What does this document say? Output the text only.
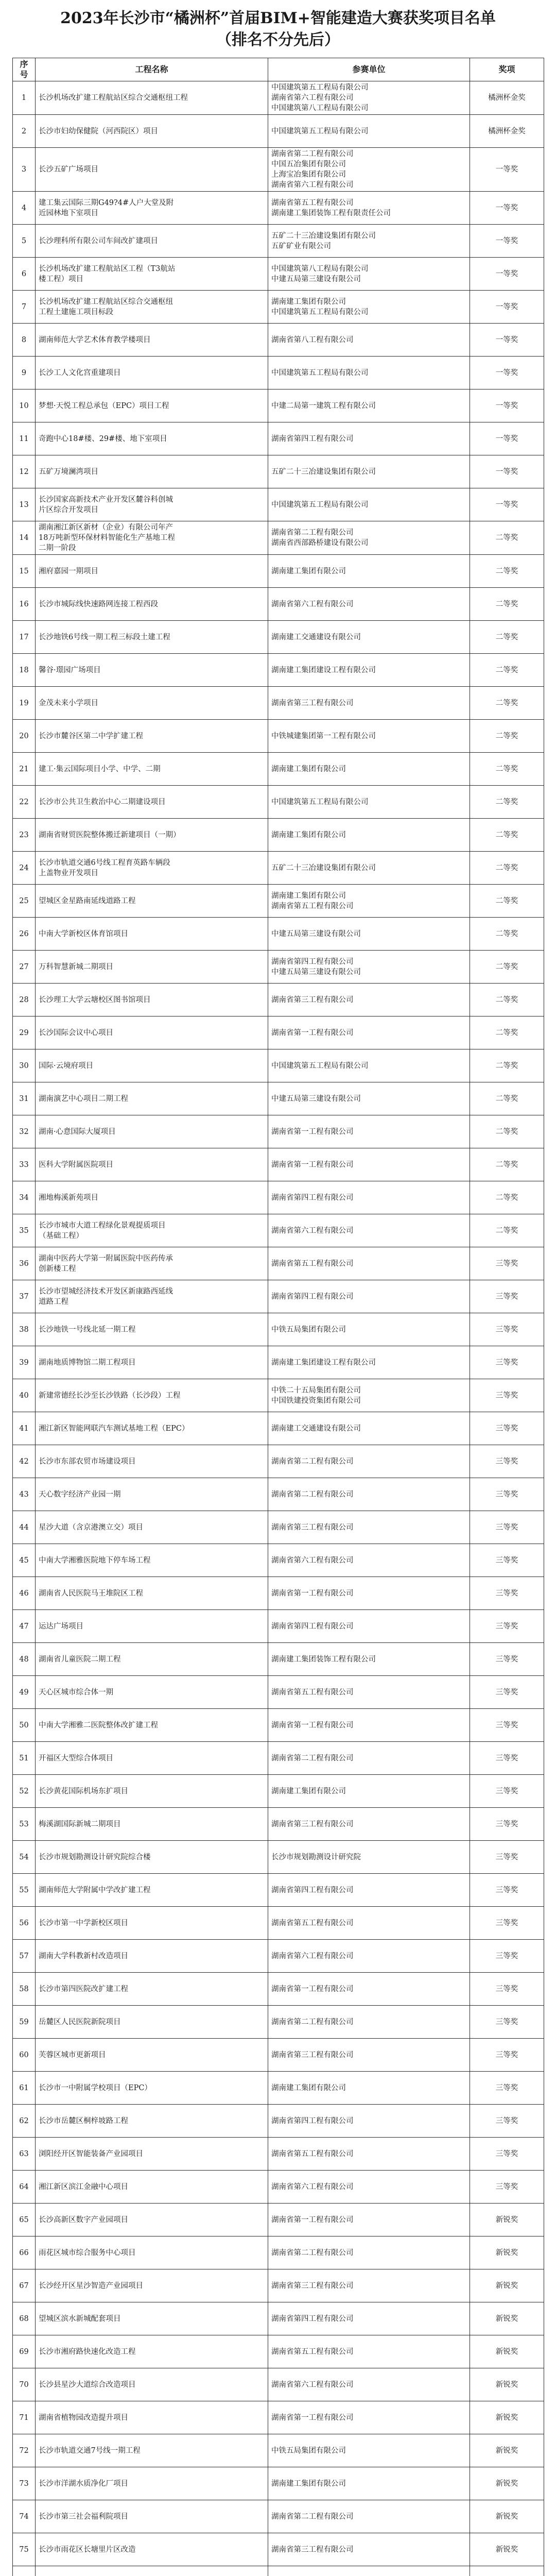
2023年长沙市“橘洲杯”首届BIM+智能建造大赛获奖项目名单
（排名不分先后）
序号	工程名称	参赛单位	奖项
1	长沙机场改扩建工程航站区综合交通枢纽工程	中国建筑第五工程局有限公司
湖南省第六工程有限公司
中国建筑第八工程局有限公司	橘洲杯金奖
2	长沙市妇幼保健院（河西院区）项目	中国建筑第五工程局有限公司	橘洲杯金奖
3	长沙五矿广场项目	湖南省第二工程有限公司
中国五冶集团有限公司
上海宝冶集团有限公司
湖南省第六工程有限公司	一等奖
4	建工集云国际三期G49?4#人户大堂及附
近园林地下室项目	湖南省第五工程有限公司
湖南建工集团装饰工程有限责任公司	一等奖
5	长沙理科所有限公司车间改扩建项目	五矿二十三冶建设集团有限公司
五矿矿业有限公司	一等奖
6	长沙机场改扩建工程航站区工程（T3航站
楼工程）项目	中国建筑第八工程局有限公司
中建五局第三建设有限公司	一等奖
7	长沙机场改扩建工程航站区综合交通枢纽
工程土建施工项目标段	湖南建工集团有限公司
中国建筑第五工程局有限公司	一等奖
8	湖南师范大学艺术体育教学楼项目	湖南省第八工程有限公司	一等奖
9	长沙工人文化宫重建项目	中国建筑第五工程局有限公司	一等奖
10	梦想·天悦工程总承包（EPC）项目工程	中建二局第一建筑工程有限公司	一等奖
11	奇跑中心18#楼、29#楼、地下室项目	湖南省第四工程有限公司	一等奖
12	五矿万境澜湾项目	五矿二十三冶建设集团有限公司	一等奖
13	长沙国家高新技术产业开发区麓谷科创城
片区综合开发项目	中国建筑第五工程局有限公司	一等奖
14	湖南湘江新区新材（企业）有限公司年产
18万吨新型环保材料智能化生产基地工程
二期一阶段	湖南省第二工程有限公司
湖南省西部路桥建设有限公司	二等奖
15	湘府嘉园一期项目	湖南建工集团有限公司	二等奖
16	长沙市城际线快速路网连接工程西段	湖南省第六工程有限公司	二等奖
17	长沙地铁6号线一期工程三标段土建工程	湖南建工交通建设有限公司	二等奖
18	馨谷·璟园广场项目	湖南建工集团建设工程有限公司	二等奖
19	金茂未来小学项目	湖南省第三工程有限公司	二等奖
20	长沙市麓谷区第二中学扩建工程	中铁城建集团第一工程有限公司	二等奖
21	建工·集云国际项目小学、中学、二期	湖南建工集团有限公司	二等奖
22	长沙市公共卫生救治中心二期建设项目	中国建筑第五工程局有限公司	二等奖
23	湖南省财贸医院整体搬迁新建项目（一期）	湖南建工集团有限公司	二等奖
24	长沙市轨道交通6号线工程育英路车辆段
上盖物业开发项目	五矿二十三冶建设集团有限公司	二等奖
25	望城区金星路南延线道路工程	湖南建工集团有限公司
湖南省第五工程有限公司	二等奖
26	中南大学新校区体育馆项目	中建五局第三建设有限公司	二等奖
27	万科智慧新城二期项目	湖南省第四工程有限公司
中建五局第三建设有限公司	二等奖
28	长沙理工大学云塘校区图书馆项目	湖南省第三工程有限公司	二等奖
29	长沙国际会议中心项目	湖南省第一工程有限公司	二等奖
30	国际·云境府项目	中国建筑第五工程局有限公司	二等奖
31	湖南演艺中心项目二期工程	中建五局第三建设有限公司	二等奖
32	湖南·心意国际大厦项目	湖南省第一工程有限公司	二等奖
33	医科大学附属医院项目	湖南省第一工程有限公司	二等奖
34	湘地梅溪新苑项目	湖南省第四工程有限公司	二等奖
35	长沙市城市大道工程绿化景观提质项目
（基础工程）	湖南省第六工程有限公司	二等奖
36	湖南中医药大学第一附属医院中医药传承
创新楼工程	湖南省第五工程有限公司	三等奖
37	长沙市望城经济技术开发区新康路西延线
道路工程	湖南省第四工程有限公司	三等奖
38	长沙地铁一号线北延一期工程	中铁五局集团有限公司	三等奖
39	湖南地质博物馆二期工程项目	湖南建工集团建设工程有限公司	三等奖
40	新建常德经长沙至长沙铁路（长沙段）工程	中铁二十五局集团有限公司
中国铁建投资集团有限公司	三等奖
41	湘江新区智能网联汽车测试基地工程（EPC）	湖南建工交通建设有限公司	三等奖
42	长沙市东部农贸市场建设项目	湖南省第二工程有限公司	三等奖
43	天心数字经济产业园一期	湖南省第二工程有限公司	三等奖
44	星沙大道（含京港澳立交）项目	湖南省第三工程有限公司	三等奖
45	中南大学湘雅医院地下停车场工程	湖南省第六工程有限公司	三等奖
46	湖南省人民医院马王堆院区工程	湖南省第一工程有限公司	三等奖
47	运达广场项目	湖南省第四工程有限公司	三等奖
48	湖南省儿童医院二期工程	湖南建工集团装饰工程有限公司	三等奖
49	天心区城市综合体一期	湖南省第五工程有限公司	三等奖
50	中南大学湘雅二医院整体改扩建工程	湖南省第一工程有限公司	三等奖
51	开福区大型综合体项目	湖南省第二工程有限公司	三等奖
52	长沙黄花国际机场东扩项目	湖南建工集团有限公司	三等奖
53	梅溪湖国际新城二期项目	湖南省第三工程有限公司	三等奖
54	长沙市规划勘测设计研究院综合楼	长沙市规划勘测设计研究院	三等奖
55	湖南师范大学附属中学改扩建工程	湖南省第四工程有限公司	三等奖
56	长沙市第一中学新校区项目	湖南省第五工程有限公司	三等奖
57	湖南大学科教新村改造项目	湖南省第六工程有限公司	三等奖
58	长沙市第四医院改扩建工程	湖南省第一工程有限公司	三等奖
59	岳麓区人民医院新院项目	湖南省第二工程有限公司	三等奖
60	芙蓉区城市更新项目	湖南省第三工程有限公司	三等奖
61	长沙市一中附属学校项目（EPC）	湖南建工集团有限公司	三等奖
62	长沙市岳麓区桐梓坡路工程	湖南省第四工程有限公司	三等奖
63	浏阳经开区智能装备产业园项目	湖南省第五工程有限公司	三等奖
64	湘江新区滨江金融中心项目	湖南省第六工程有限公司	三等奖
65	长沙高新区数字产业园项目	湖南省第一工程有限公司	新锐奖
66	雨花区城市综合服务中心项目	湖南省第二工程有限公司	新锐奖
67	长沙经开区星沙智造产业园项目	湖南省第三工程有限公司	新锐奖
68	望城区滨水新城配套项目	湖南省第四工程有限公司	新锐奖
69	长沙市湘府路快速化改造工程	湖南省第五工程有限公司	新锐奖
70	长沙县星沙大道综合改造项目	湖南省第六工程有限公司	新锐奖
71	湖南省植物园改造提升项目	湖南省第一工程有限公司	新锐奖
72	长沙市轨道交通7号线一期工程	中铁五局集团有限公司	新锐奖
73	长沙市洋湖水质净化厂项目	湖南建工集团有限公司	新锐奖
74	长沙市第三社会福利院项目	湖南省第二工程有限公司	新锐奖
75	长沙市雨花区长塘里片区改造	湖南省第三工程有限公司	新锐奖
